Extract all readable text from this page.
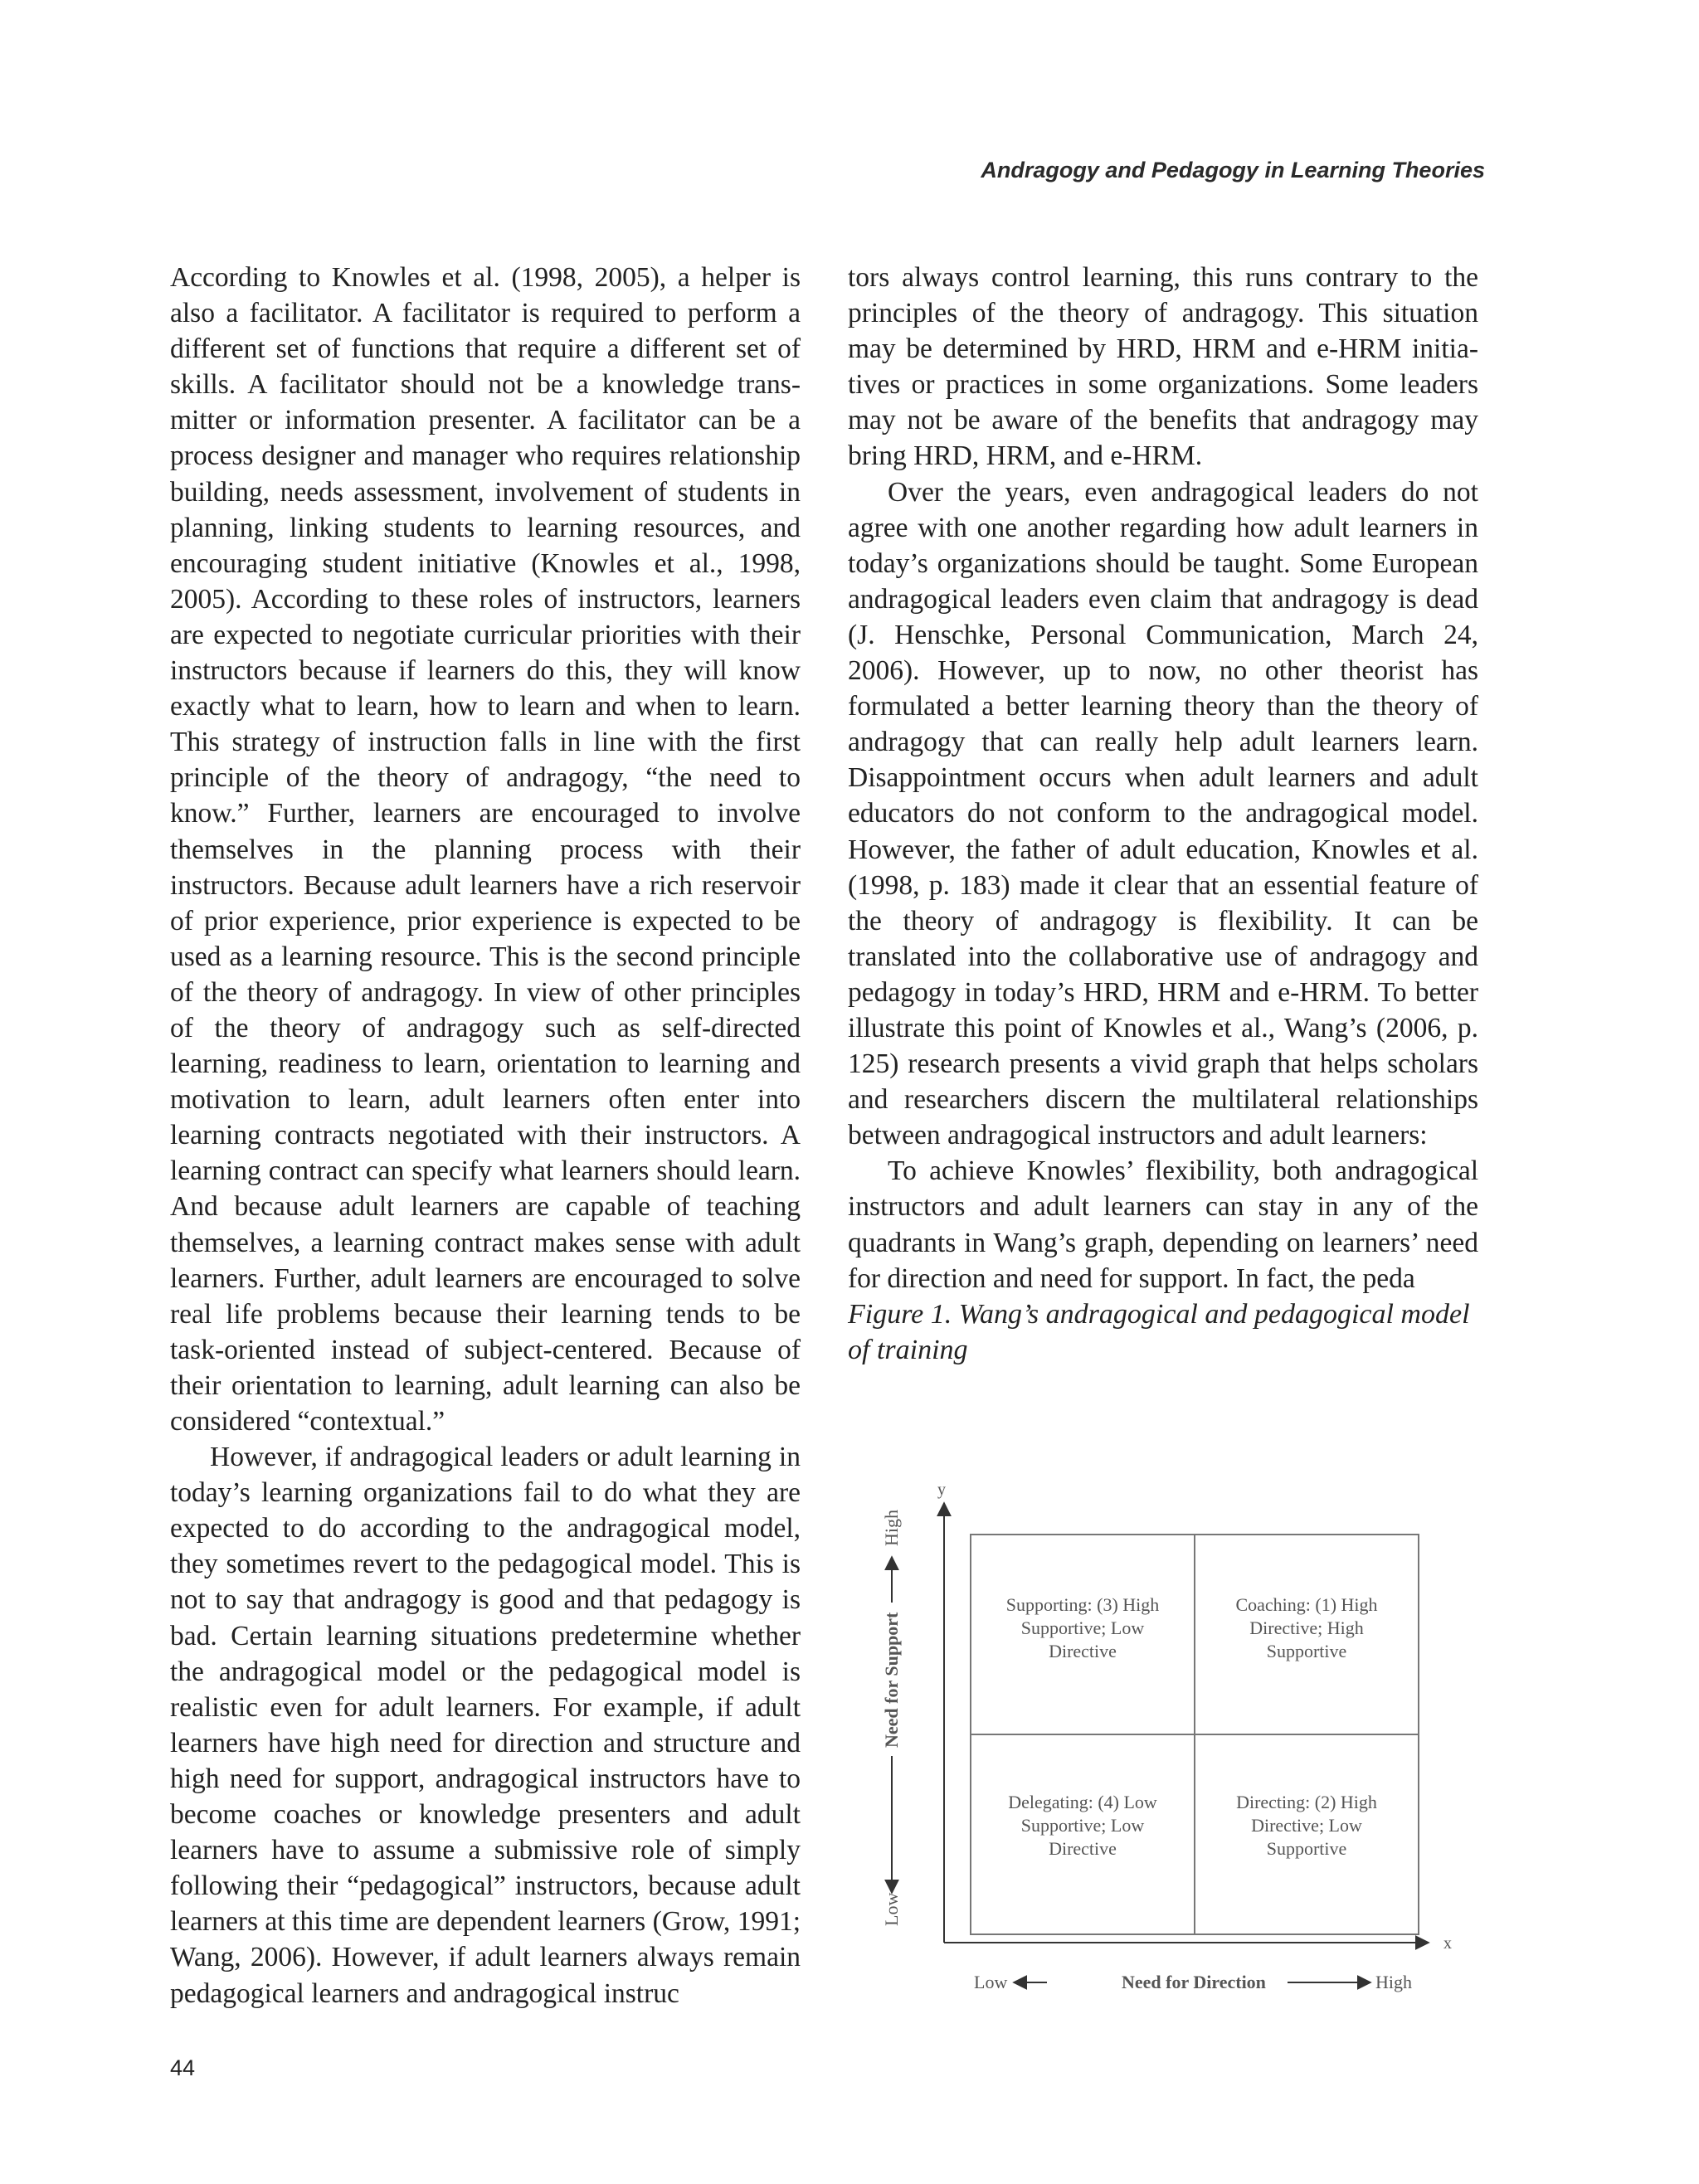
Andragogy and Pedagogy in Learning Theories

According to Knowles et al. (1998, 2005), a helper is also a facilitator. A facilitator is required to perform a different set of functions that require a different set of skills. A facilitator should not be a knowledge transmitter or information presenter. A facilitator can be a process designer and manager who requires relationship building, needs assessment, involvement of students in planning, linking students to learning resources, and encouraging student initiative (Knowles et al., 1998, 2005). According to these roles of instructors, learners are expected to negotiate curricular priorities with their instructors because if learners do this, they will know exactly what to learn, how to learn and when to learn. This strategy of instruction falls in line with the first principle of the theory of andragogy, “the need to know.” Further, learners are encouraged to involve themselves in the planning process with their instructors. Because adult learners have a rich reservoir of prior experience, prior experience is expected to be used as a learning resource. This is the second principle of the theory of andragogy. In view of other principles of the theory of andragogy such as self-directed learning, readiness to learn, orientation to learning and motivation to learn, adult learners often enter into learning contracts negotiated with their instructors. A learning contract can specify what learners should learn. And because adult learners are capable of teaching themselves, a learning contract makes sense with adult learners. Further, adult learners are encouraged to solve real life problems because their learning tends to be task-oriented instead of subject-centered. Because of their orientation to learning, adult learning can also be considered “contextual.”

However, if andragogical leaders or adult learning in today’s learning organizations fail to do what they are expected to do according to the andragogical model, they sometimes revert to the pedagogical model. This is not to say that andragogy is good and that pedagogy is bad. Certain learning situations predetermine whether the andragogical model or the pedagogical model is realistic even for adult learners. For example, if adult learners have high need for direction and structure and high need for support, andragogical instructors have to become coaches or knowledge presenters and adult learners have to assume a submissive role of simply following their “pedagogical” instructors, because adult learners at this time are dependent learners (Grow, 1991; Wang, 2006). However, if adult learners always remain pedagogical learners and andragogical instruc

tors always control learning, this runs contrary to the principles of the theory of andragogy. This situation may be determined by HRD, HRM and e-HRM initiatives or practices in some organizations. Some leaders may not be aware of the benefits that andragogy may bring HRD, HRM, and e-HRM.

Over the years, even andragogical leaders do not agree with one another regarding how adult learners in today’s organizations should be taught. Some European andragogical leaders even claim that andragogy is dead (J. Henschke, Personal Communication, March 24, 2006). However, up to now, no other theorist has formulated a better learning theory than the theory of andragogy that can really help adult learners learn. Disappointment occurs when adult learners and adult educators do not conform to the andragogical model. However, the father of adult education, Knowles et al. (1998, p. 183) made it clear that an essential feature of the theory of andragogy is flexibility. It can be translated into the collaborative use of andragogy and pedagogy in today’s HRD, HRM and e-HRM. To better illustrate this point of Knowles et al., Wang’s (2006, p. 125) research presents a vivid graph that helps scholars and researchers discern the multilateral relationships between andragogical instructors and adult learners:

To achieve Knowles’ flexibility, both andragogical instructors and adult learners can stay in any of the quadrants in Wang’s graph, depending on learners’ need for direction and need for support. In fact, the peda

Figure 1. Wang’s andragogical and pedagogical model of training

y
x
Supporting: (3) High
Supportive; Low
Directive
Coaching: (1) High
Directive; High
Supportive
Delegating: (4) Low
Supportive; Low
Directive
Directing: (2) High
Directive; Low
Supportive
Low
Need for Support
High
Low	Need for Direction	High
44
